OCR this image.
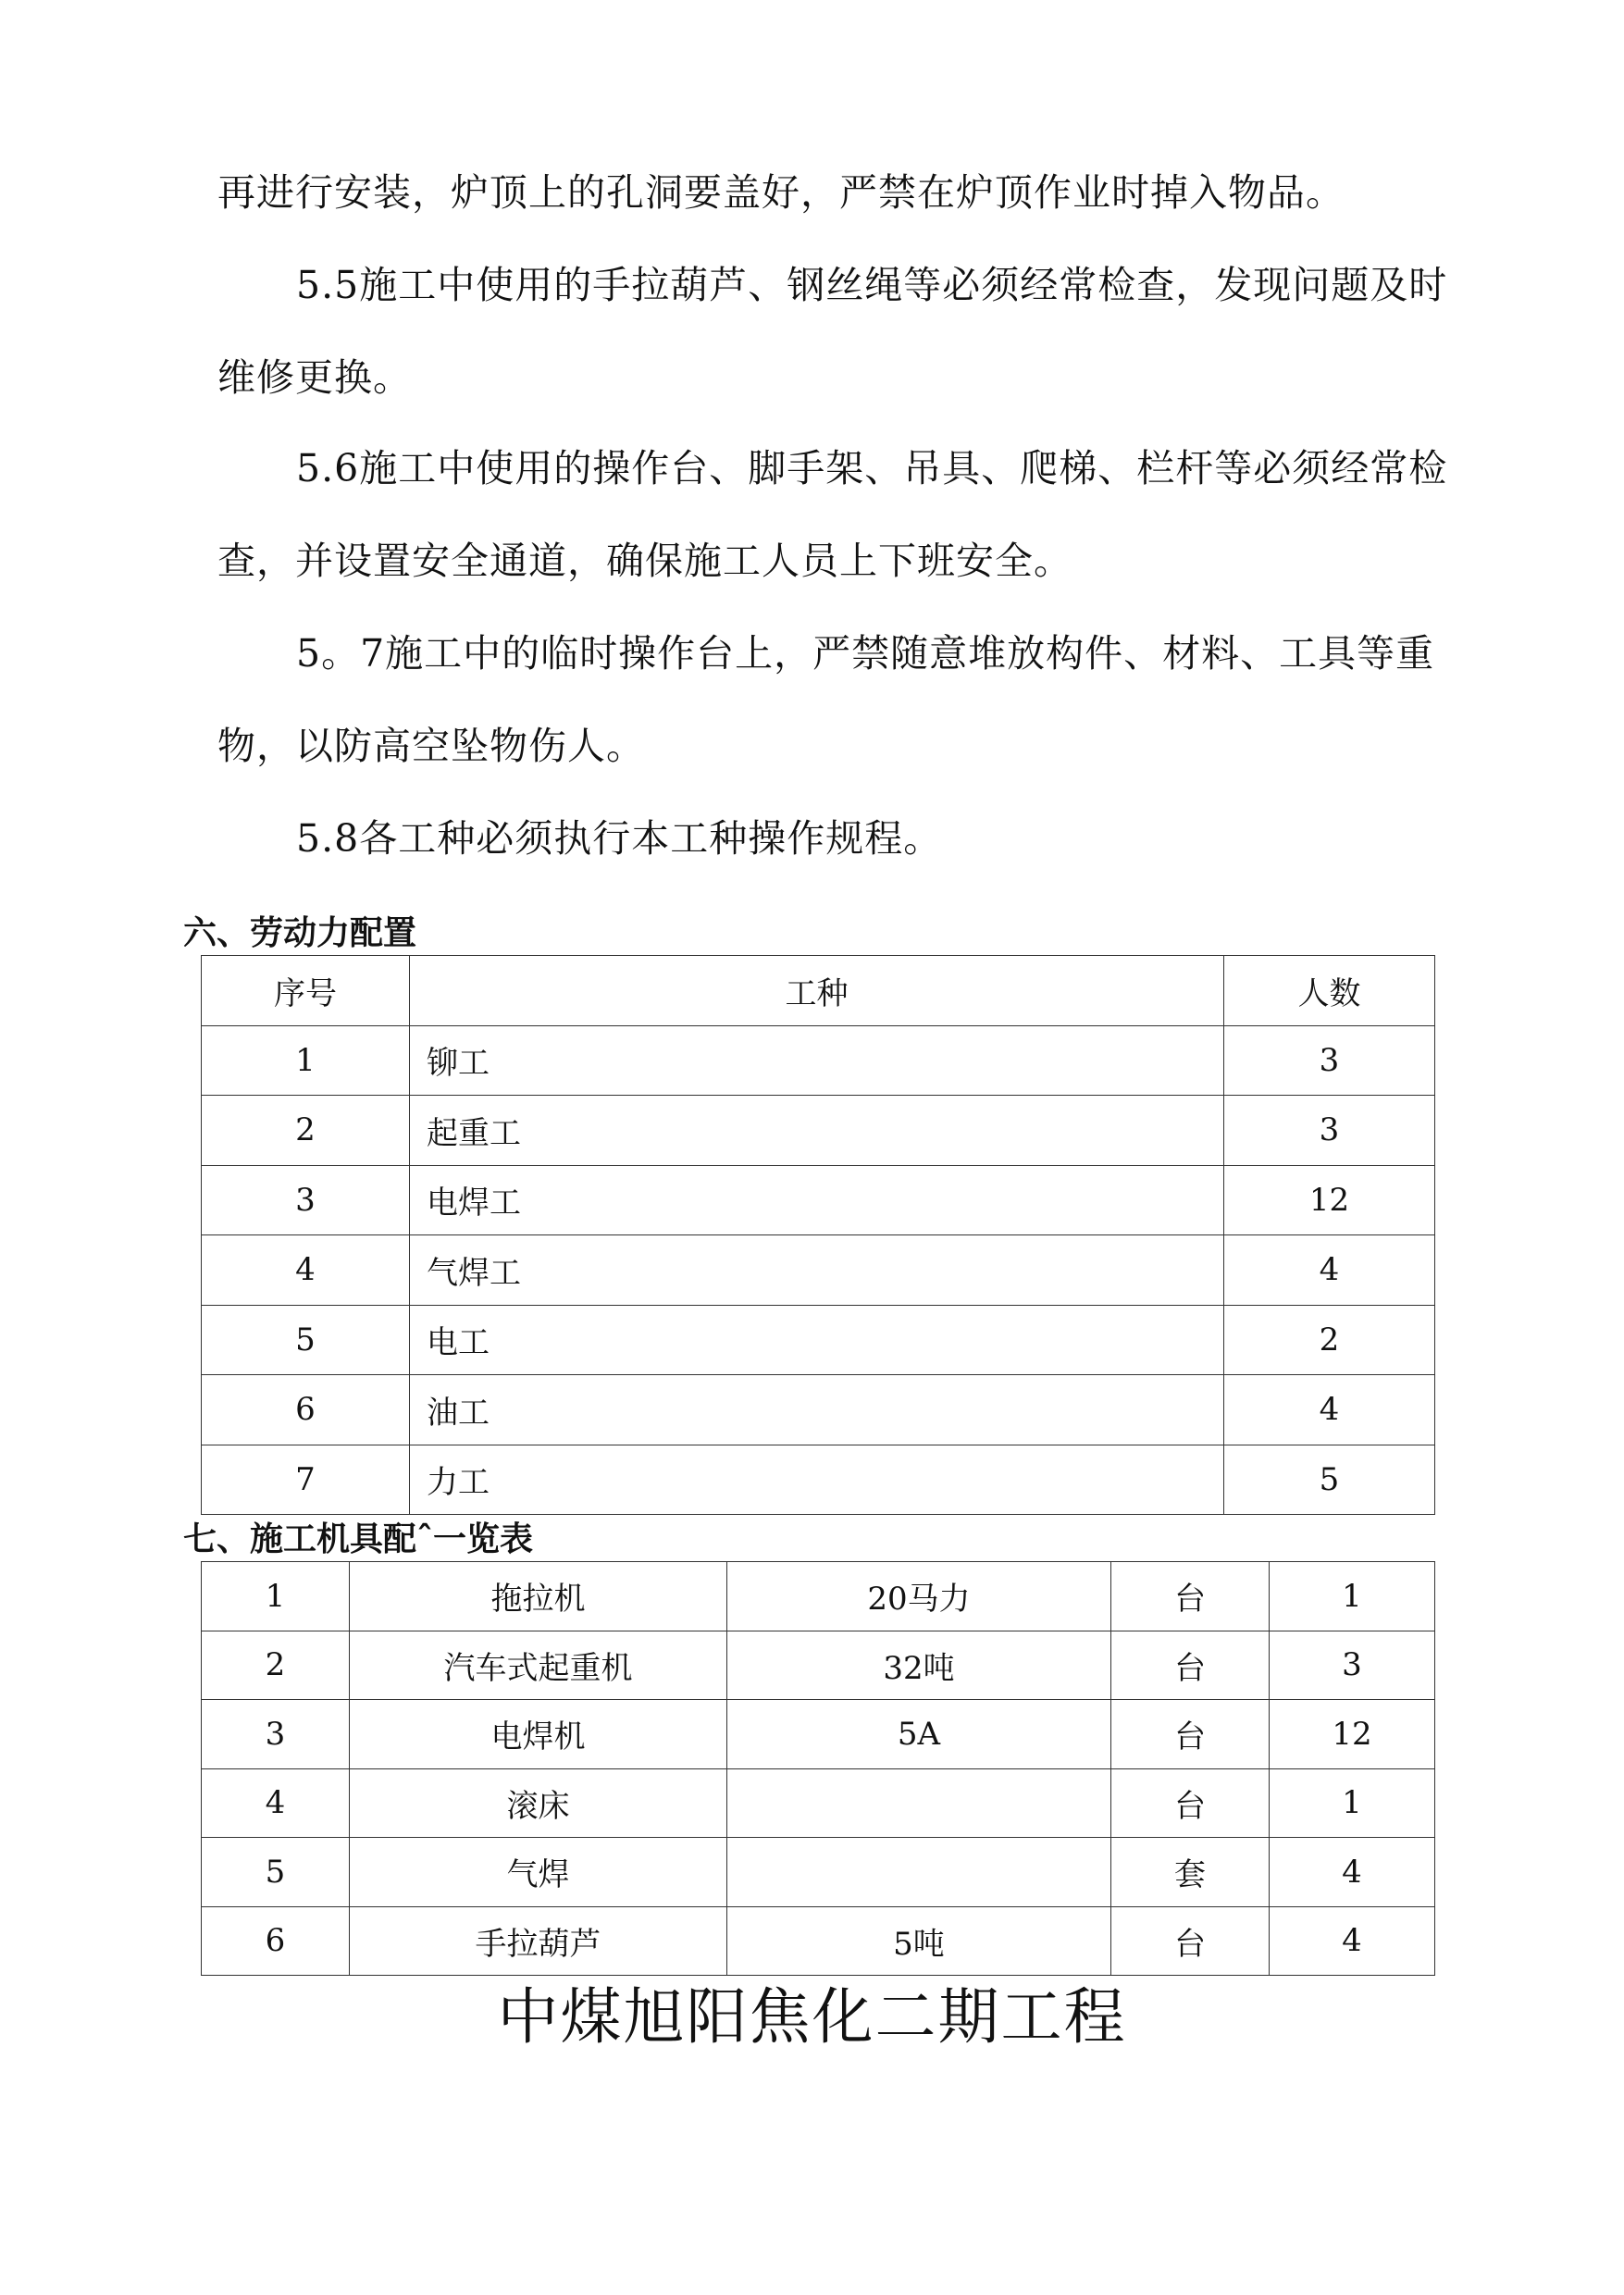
再进行安装，炉顶上的孔洞要盖好，严禁在炉顶作业时掉入物品。

5.5施工中使用的手拉葫芦、钢丝绳等必须经常检查，发现问题及时

维修更换。

5.6施工中使用的操作台、脚手架、吊具、爬梯、栏杆等必须经常检

查，并设置安全通道，确保施工人员上下班安全。

5。7施工中的临时操作台上，严禁随意堆放构件、材料、工具等重

物，以防高空坠物伤人。

5.8各工种必须执行本工种操作规程。

六、劳动力配置
序号	工种	人数
1	铆工	3
2	起重工	3
3	电焊工	12
4	气焊工	4
5	电工	2
6	油工	4
7	力工	5
七、施工机具配ˆ一览表
1	拖拉机	20马力	台	1
2	汽车式起重机	32吨	台	3
3	电焊机	5A	台	12
4	滚床		台	1
5	气焊		套	4
6	手拉葫芦	5吨	台	4
中煤旭阳焦化二期工程
